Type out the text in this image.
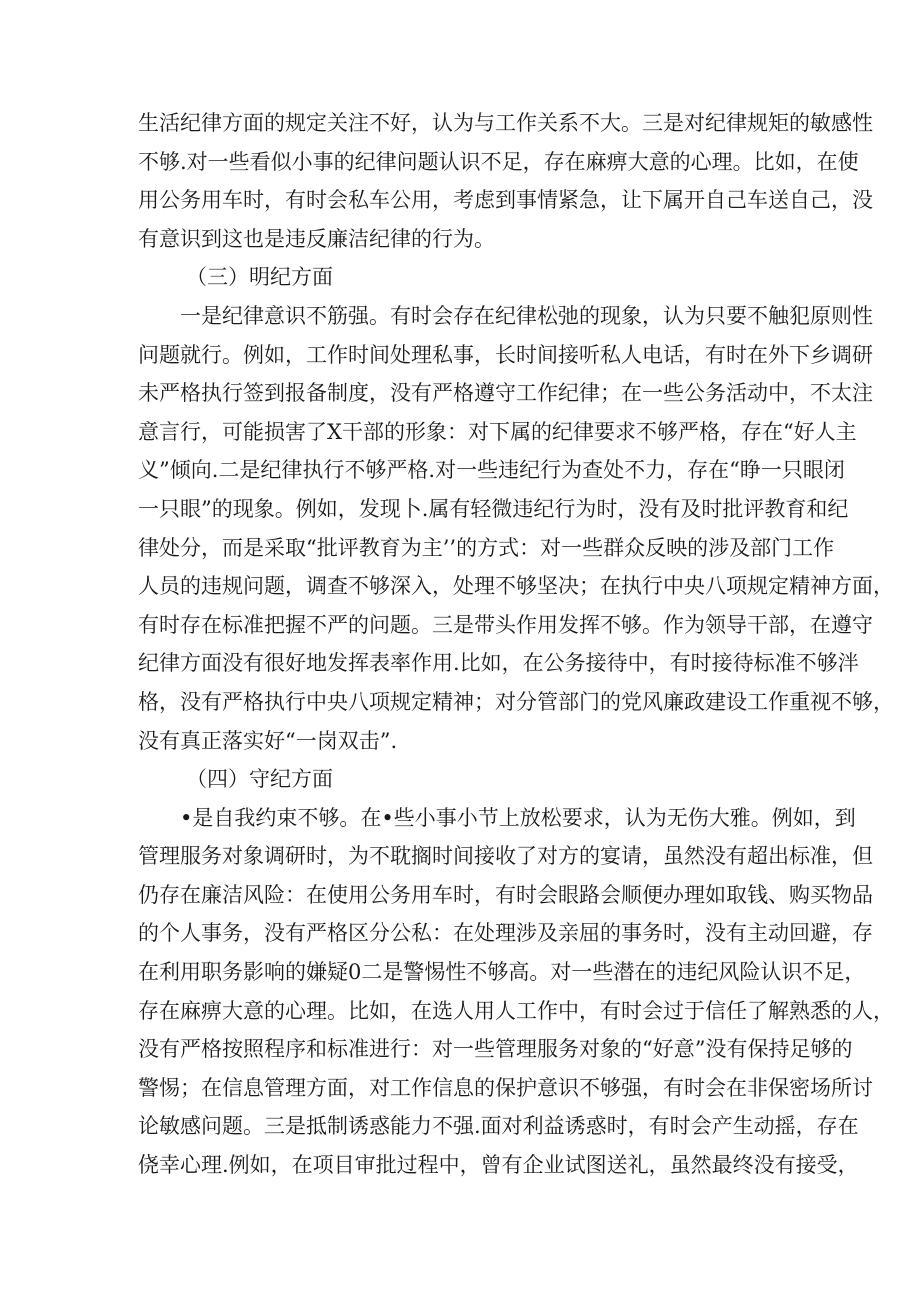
生活纪律方面的规定关注不好，认为与工作关系不大。三是对纪律规矩的敏感性
不够.对一些看似小事的纪律问题认识不足，存在麻痹大意的心理。比如，在使
用公务用车时，有时会私车公用，考虑到事情紧急，让下属开自己车送自己，没
有意识到这也是违反廉洁纪律的行为。
（三）明纪方面
一是纪律意识不筋强。有时会存在纪律松弛的现象，认为只要不触犯原则性
问题就行。例如，工作时间处理私事，长时间接听私人电话，有时在外下乡调研
未严格执行签到报备制度，没有严格遵守工作纪律；在一些公务活动中，不太注
意言行，可能损害了X干部的形象：对下属的纪律要求不够严格，存在“好人主
义”倾向.二是纪律执行不够严格.对一些违纪行为查处不力，存在“睁一只眼闭
一只眼”的现象。例如，发现卜.属有轻微违纪行为时，没有及时批评教育和纪
律处分，而是采取“批评教育为主’’的方式：对一些群众反映的涉及部门工作
人员的违规问题，调查不够深入，处理不够坚决；在执行中央八项规定精神方面，
有时存在标准把握不严的问题。三是带头作用发挥不够。作为领导干部，在遵守
纪律方面没有很好地发挥表率作用.比如，在公务接待中，有时接待标准不够泮
格，没有严格执行中央八项规定精神；对分管部门的党风廉政建设工作重视不够，
没有真正落实好“一岗双击”.
（四）守纪方面
•是自我约束不够。在•些小事小节上放松要求，认为无伤大雅。例如，到
管理服务对象调研时，为不耽搁时间接收了对方的宴请，虽然没有超出标准，但
仍存在廉洁风险：在使用公务用车时，有时会眼路会顺便办理如取钱、购买物品
的个人事务，没有严格区分公私：在处理涉及亲屈的事务时，没有主动回避，存
在利用职务影响的嫌疑0二是警惕性不够高。对一些潜在的违纪风险认识不足，
存在麻痹大意的心理。比如，在选人用人工作中，有时会过于信任了解熟悉的人，
没有严格按照程序和标准进行：对一些管理服务对象的“好意”没有保持足够的
警惕；在信息管理方面，对工作信息的保护意识不够强，有时会在非保密场所讨
论敏感问题。三是抵制诱惑能力不强.面对利益诱惑时，有时会产生动摇，存在
侥幸心理.例如，在项目审批过程中，曾有企业试图送礼，虽然最终没有接受，
